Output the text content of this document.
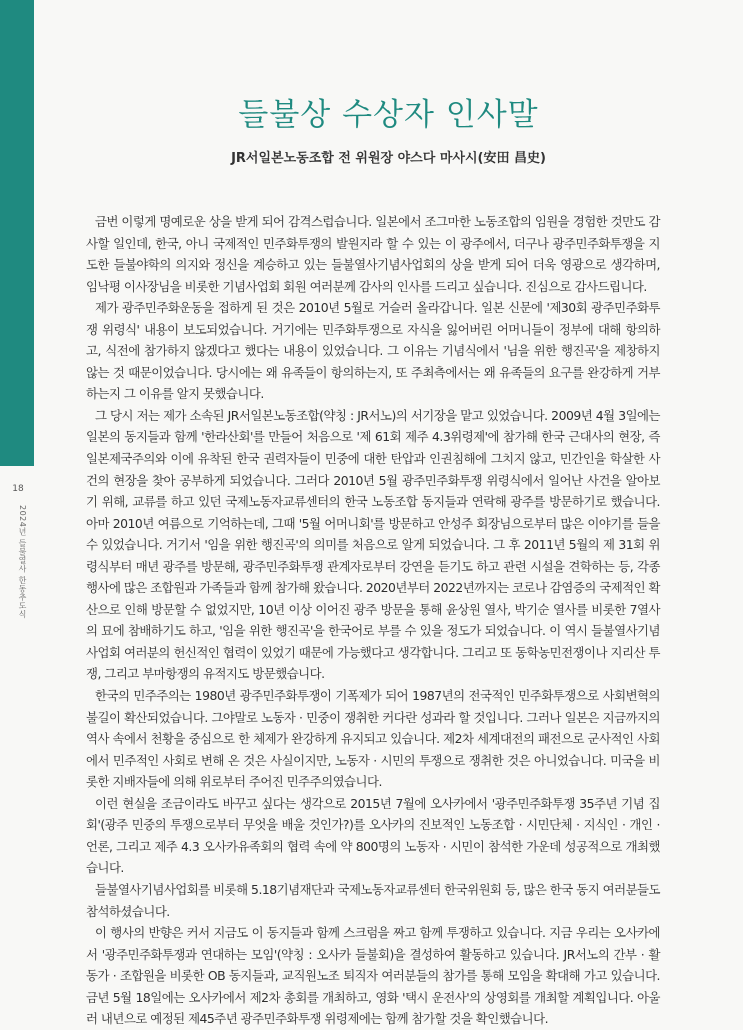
18
2024년 들불열사 한동추도식
들불상 수상자 인사말
JR서일본노동조합 전 위원장 야스다 마사시(安田 昌史)

금번 이렇게 명예로운 상을 받게 되어 감격스럽습니다. 일본에서 조그마한 노동조합의 임원을 경험한 것만도 감사할 일인데, 한국, 아니 국제적인 민주화투쟁의 발원지라 할 수 있는 이 광주에서, 더구나 광주민주화투쟁을 지도한 들불야학의 의지와 정신을 계승하고 있는 들불열사기념사업회의 상을 받게 되어 더욱 영광으로 생각하며, 임낙평 이사장님을 비롯한 기념사업회 회원 여러분께 감사의 인사를 드리고 싶습니다. 진심으로 감사드립니다.

제가 광주민주화운동을 접하게 된 것은 2010년 5월로 거슬러 올라갑니다. 일본 신문에 '제30회 광주민주화투쟁 위령식' 내용이 보도되었습니다. 거기에는 민주화투쟁으로 자식을 잃어버린 어머니들이 정부에 대해 항의하고, 식전에 참가하지 않겠다고 했다는 내용이 있었습니다. 그 이유는 기념식에서 '님을 위한 행진곡'을 제창하지 않는 것 때문이었습니다. 당시에는 왜 유족들이 항의하는지, 또 주최측에서는 왜 유족들의 요구를 완강하게 거부하는지 그 이유를 알지 못했습니다.

그 당시 저는 제가 소속된 JR서일본노동조합(약칭 : JR서노)의 서기장을 맡고 있었습니다. 2009년 4월 3일에는 일본의 동지들과 함께 '한라산회'를 만들어 처음으로 '제 61회 제주 4.3위령제'에 참가해 한국 근대사의 현장, 즉 일본제국주의와 이에 유착된 한국 권력자들이 민중에 대한 탄압과 인권침해에 그치지 않고, 민간인을 학살한 사건의 현장을 찾아 공부하게 되었습니다. 그러다 2010년 5월 광주민주화투쟁 위령식에서 일어난 사건을 알아보기 위해, 교류를 하고 있던 국제노동자교류센터의 한국 노동조합 동지들과 연락해 광주를 방문하기로 했습니다. 아마 2010년 여름으로 기억하는데, 그때 '5월 어머니회'를 방문하고 안성주 회장님으로부터 많은 이야기를 들을 수 있었습니다. 거기서 '임을 위한 행진곡'의 의미를 처음으로 알게 되었습니다. 그 후 2011년 5월의 제 31회 위령식부터 매년 광주를 방문해, 광주민주화투쟁 관계자로부터 강연을 듣기도 하고 관련 시설을 견학하는 등, 각종 행사에 많은 조합원과 가족들과 함께 참가해 왔습니다. 2020년부터 2022년까지는 코로나 감염증의 국제적인 확산으로 인해 방문할 수 없었지만, 10년 이상 이어진 광주 방문을 통해 윤상원 열사, 박기순 열사를 비롯한 7열사의 묘에 참배하기도 하고, '임을 위한 행진곡'을 한국어로 부를 수 있을 정도가 되었습니다. 이 역시 들불열사기념사업회 여러분의 헌신적인 협력이 있었기 때문에 가능했다고 생각합니다. 그리고 또 동학농민전쟁이나 지리산 투쟁, 그리고 부마항쟁의 유적지도 방문했습니다.

한국의 민주주의는 1980년 광주민주화투쟁이 기폭제가 되어 1987년의 전국적인 민주화투쟁으로 사회변혁의 불길이 확산되었습니다. 그야말로 노동자 · 민중이 쟁취한 커다란 성과라 할 것입니다. 그러나 일본은 지금까지의 역사 속에서 천황을 중심으로 한 체제가 완강하게 유지되고 있습니다. 제2차 세계대전의 패전으로 군사적인 사회에서 민주적인 사회로 변해 온 것은 사실이지만, 노동자 · 시민의 투쟁으로 쟁취한 것은 아니었습니다. 미국을 비롯한 지배자들에 의해 위로부터 주어진 민주주의였습니다.

이런 현실을 조금이라도 바꾸고 싶다는 생각으로 2015년 7월에 오사카에서 '광주민주화투쟁 35주년 기념 집회'(광주 민중의 투쟁으로부터 무엇을 배울 것인가?)를 오사카의 진보적인 노동조합 · 시민단체 · 지식인 · 개인 · 언론, 그리고 제주 4.3 오사카유족회의 협력 속에 약 800명의 노동자 · 시민이 참석한 가운데 성공적으로 개최했습니다.

들불열사기념사업회를 비롯해 5.18기념재단과 국제노동자교류센터 한국위원회 등, 많은 한국 동지 여러분들도 참석하셨습니다.

이 행사의 반향은 커서 지금도 이 동지들과 함께 스크럼을 짜고 함께 투쟁하고 있습니다. 지금 우리는 오사카에서 '광주민주화투쟁과 연대하는 모임'(약칭 : 오사카 들불회)을 결성하여 활동하고 있습니다. JR서노의 간부 · 활동가 · 조합원을 비롯한 OB 동지들과, 교직원노조 퇴직자 여러분들의 참가를 통해 모임을 확대해 가고 있습니다. 금년 5월 18일에는 오사카에서 제2차 총회를 개최하고, 영화 '택시 운전사'의 상영회를 개최할 계획입니다. 아울러 내년으로 예정된 제45주년 광주민주화투쟁 위령제에는 함께 참가할 것을 확인했습니다.
